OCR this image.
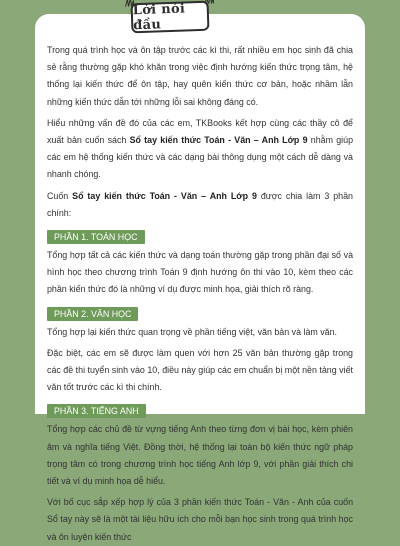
Lời nói đầu

Trong quá trình học và ôn tập trước các kì thi, rất nhiều em học sinh đã chia sẻ rằng thường gặp khó khăn trong việc định hướng kiến thức trọng tâm, hệ thống lại kiến thức để ôn tập, hay quên kiến thức cơ bản, hoặc nhầm lẫn những kiến thức dẫn tới những lỗi sai không đáng có.

Hiểu những vấn đề đó của các em, TKBooks kết hợp cùng các thầy cô để xuất bản cuốn sách Sổ tay kiến thức Toán - Văn – Anh Lớp 9 nhằm giúp các em hệ thống kiến thức và các dạng bài thông dụng một cách dễ dàng và nhanh chóng.

Cuốn Sổ tay kiến thức Toán - Văn – Anh Lớp 9 được chia làm 3 phần chính:

PHẦN 1. TOÁN HỌC

Tổng hợp tất cả các kiến thức và dạng toán thường gặp trong phần đại số và hình học theo chương trình Toán 9 định hướng ôn thi vào 10, kèm theo các phần kiến thức đó là những ví dụ được minh họa, giải thích rõ ràng.

PHẦN 2. VĂN HỌC

Tổng hợp lại kiến thức quan trọng về phần tiếng việt, văn bản và làm văn.

Đặc biệt, các em sẽ được làm quen với hơn 25 văn bản thường gặp trong các đề thi tuyển sinh vào 10, điều này giúp các em chuẩn bị một nền tảng viết văn tốt trước các kì thi chính.

PHẦN 3. TIẾNG ANH

Tổng hợp các chủ đề từ vựng tiếng Anh theo từng đơn vị bài học, kèm phiên âm và nghĩa tiếng Việt. Đồng thời, hệ thống lại toàn bộ kiến thức ngữ pháp trọng tâm có trong chương trình học tiếng Anh lớp 9, với phần giải thích chi tiết và ví dụ minh họa dễ hiểu.

Với bố cục sắp xếp hợp lý của 3 phần kiến thức Toán - Văn - Anh của cuốn Sổ tay này sẽ là một tài liệu hữu ích cho mỗi bạn học sinh trong quá trình học và ôn luyện kiến thức
